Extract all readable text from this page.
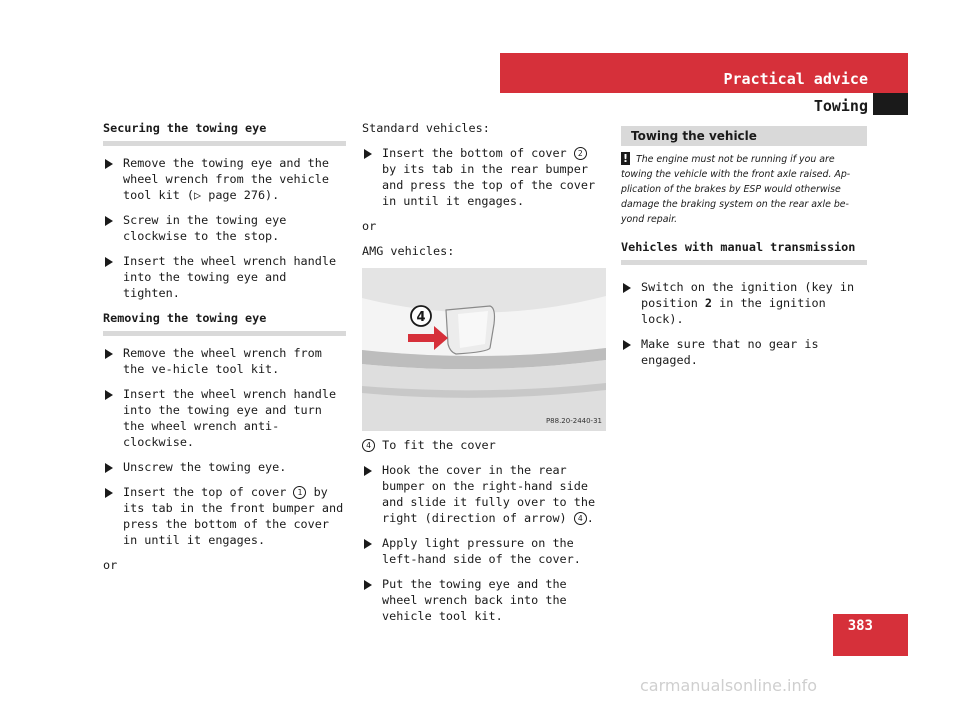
Practical advice
Towing
383
Securing the towing eye
Remove the towing eye and the wheel wrench from the vehicle tool kit (▷ page 276).
Screw in the towing eye clockwise to the stop.
Insert the wheel wrench handle into the towing eye and tighten.
Removing the towing eye
Remove the wheel wrench from the ve-hicle tool kit.
Insert the wheel wrench handle into the towing eye and turn the wheel wrench anti-clockwise.
Unscrew the towing eye.
Insert the top of cover 1 by its tab in the front bumper and press the bottom of the cover in until it engages.
or
Standard vehicles:
Insert the bottom of cover 2 by its tab in the rear bumper and press the top of the cover in until it engages.
or
AMG vehicles:
4
P88.20-2440-31
4 To fit the cover
Hook the cover in the rear bumper on the right-hand side and slide it fully over to the right (direction of arrow) 4 .
Apply light pressure on the left-hand side of the cover.
Put the towing eye and the wheel wrench back into the vehicle tool kit.
Towing the vehicle
! The engine must not be running if you are towing the vehicle with the front axle raised. Ap-plication of the brakes by ESP would otherwise damage the braking system on the rear axle be-yond repair.
Vehicles with manual transmission
Switch on the ignition (key in position 2 in the ignition lock).
Make sure that no gear is engaged.
carmanualsonline.info
